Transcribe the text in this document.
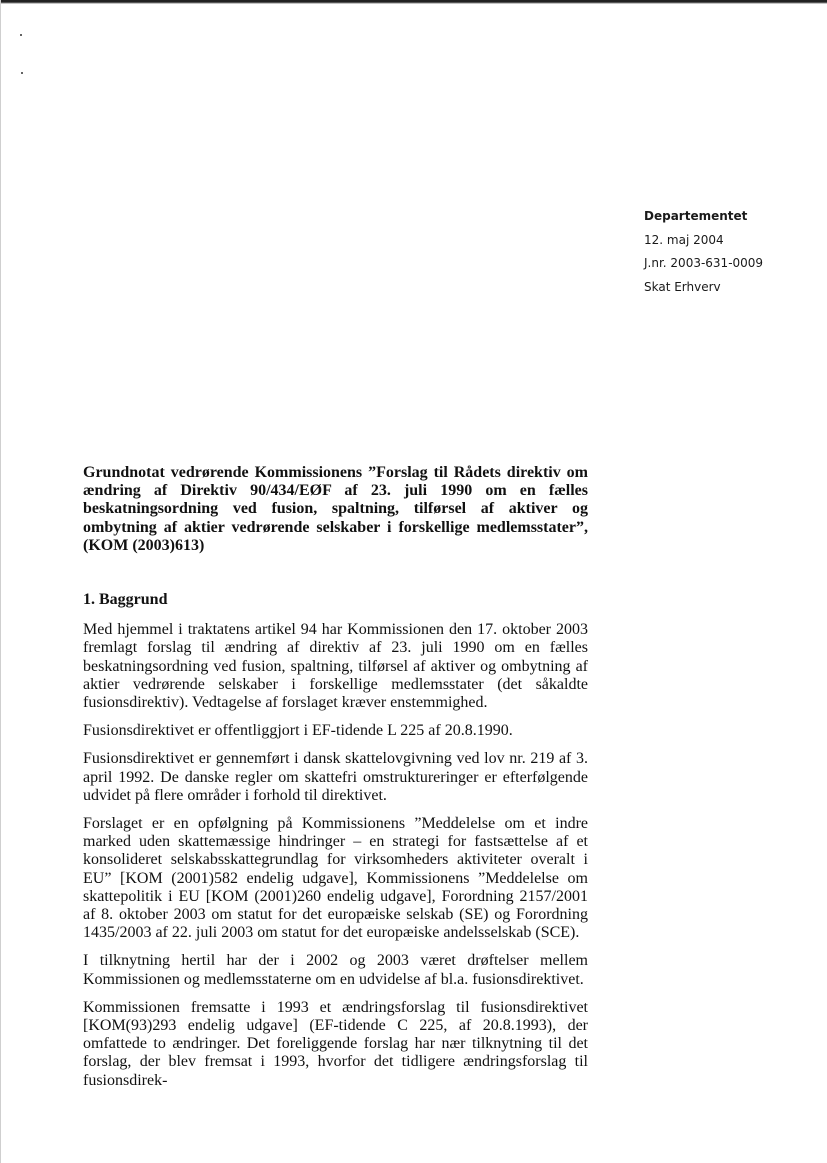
Departementet
12. maj 2004
J.nr. 2003-631-0009
Skat Erhverv
Grundnotat vedrørende Kommissionens ”Forslag til Rådets direktiv om ændring af Direktiv 90/434/EØF af 23. juli 1990 om en fælles beskatningsordning ved fusion, spaltning, tilførsel af aktiver og ombytning af aktier vedrørende selskaber i forskellige medlemsstater”, (KOM (2003)613)
1. Baggrund

Med hjemmel i traktatens artikel 94 har Kommissionen den 17. oktober 2003 fremlagt forslag til ændring af direktiv af 23. juli 1990 om en fælles beskatningsordning ved fusion, spaltning, tilførsel af aktiver og ombytning af aktier vedrørende selskaber i forskellige medlemsstater (det såkaldte fusionsdirektiv). Vedtagelse af forslaget kræver enstemmighed.

Fusionsdirektivet er offentliggjort i EF-tidende L 225 af 20.8.1990.

Fusionsdirektivet er gennemført i dansk skattelovgivning ved lov nr. 219 af 3. april 1992. De danske regler om skattefri omstruktureringer er efterfølgende udvidet på flere områder i forhold til direktivet.

Forslaget er en opfølgning på Kommissionens ”Meddelelse om et indre marked uden skattemæssige hindringer – en strategi for fastsættelse af et konsolideret selskabsskattegrundlag for virksomheders aktiviteter overalt i EU” [KOM (2001)582 endelig udgave], Kommissionens ”Meddelelse om skattepolitik i EU [KOM (2001)260 endelig udgave], Forordning 2157/2001 af 8. oktober 2003 om statut for det europæiske selskab (SE) og Forordning 1435/2003 af 22. juli 2003 om statut for det europæiske andelsselskab (SCE).

I tilknytning hertil har der i 2002 og 2003 været drøftelser mellem Kommissionen og medlemsstaterne om en udvidelse af bl.a. fusionsdirektivet.

Kommissionen fremsatte i 1993 et ændringsforslag til fusionsdirektivet [KOM(93)293 endelig udgave] (EF-tidende C 225, af 20.8.1993), der omfattede to ændringer. Det foreliggende forslag har nær tilknytning til det forslag, der blev fremsat i 1993, hvorfor det tidligere ændringsforslag til fusionsdirek-
